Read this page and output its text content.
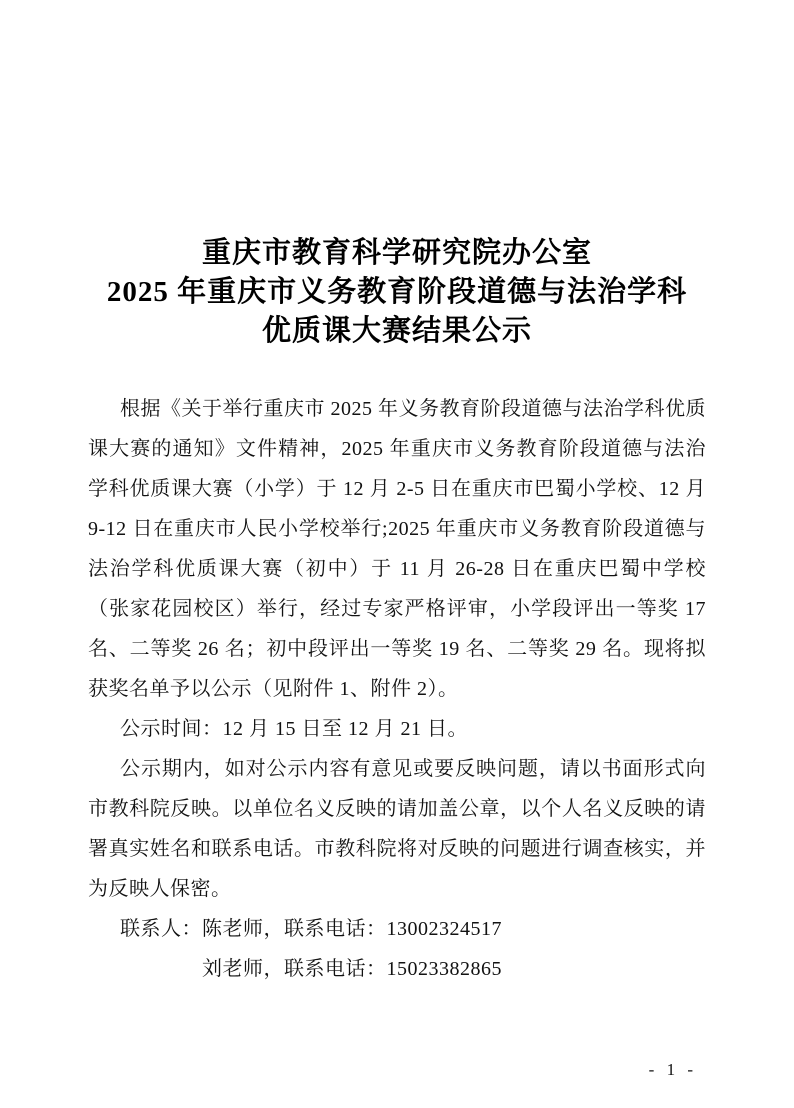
重庆市教育科学研究院办公室
2025 年重庆市义务教育阶段道德与法治学科
优质课大赛结果公示

根据《关于举行重庆市 2025 年义务教育阶段道德与法治学科优质课大赛的通知》文件精神，2025 年重庆市义务教育阶段道德与法治学科优质课大赛（小学）于 12 月 2-5 日在重庆市巴蜀小学校、12 月 9-12 日在重庆市人民小学校举行;2025 年重庆市义务教育阶段道德与法治学科优质课大赛（初中）于 11 月 26-28 日在重庆巴蜀中学校（张家花园校区）举行，经过专家严格评审，小学段评出一等奖 17 名、二等奖 26 名；初中段评出一等奖 19 名、二等奖 29 名。现将拟获奖名单予以公示（见附件 1、附件 2）。

公示时间：12 月 15 日至 12 月 21 日。

公示期内，如对公示内容有意见或要反映问题，请以书面形式向市教科院反映。以单位名义反映的请加盖公章，以个人名义反映的请署真实姓名和联系电话。市教科院将对反映的问题进行调查核实，并为反映人保密。

联系人：陈老师，联系电话：13002324517

刘老师，联系电话：15023382865

- 1 -
